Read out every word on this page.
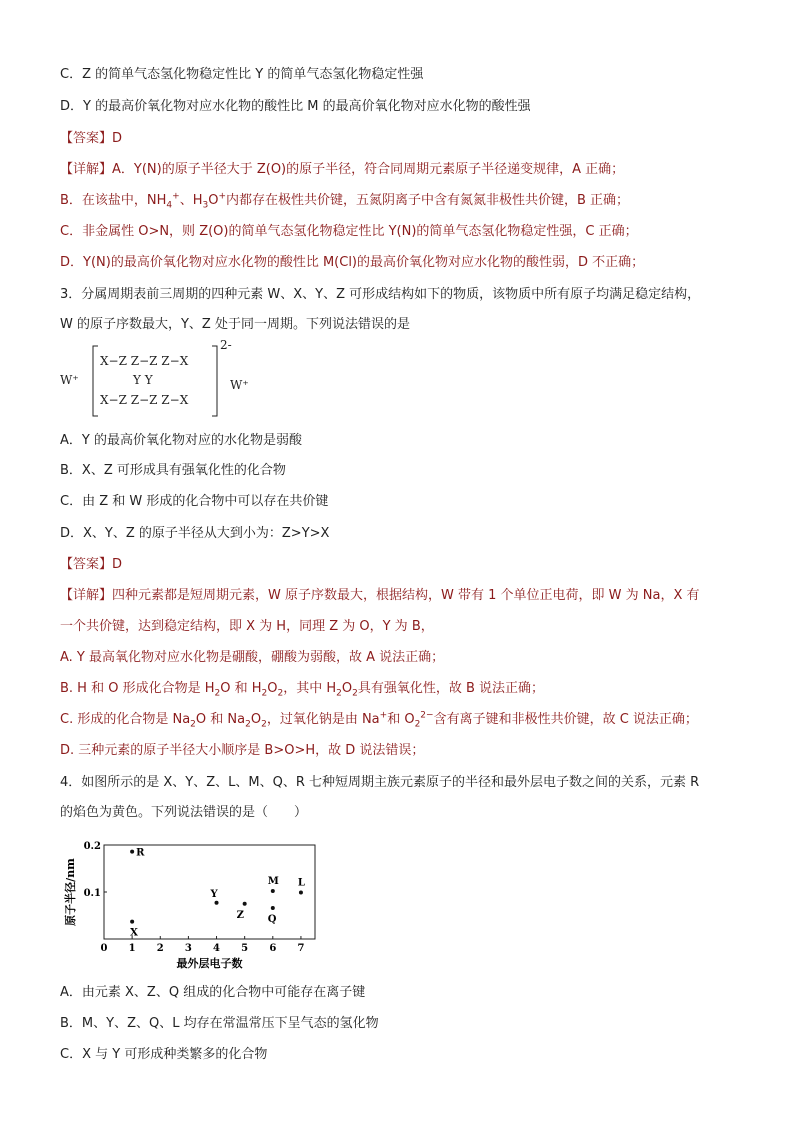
C．Z 的简单气态氢化物稳定性比 Y 的简单气态氢化物稳定性强
D．Y 的最高价氧化物对应水化物的酸性比 M 的最高价氧化物对应水化物的酸性强
【答案】D
【详解】A．Y(N)的原子半径大于 Z(O)的原子半径，符合同周期元素原子半径递变规律，A 正确；
B．在该盐中，$NH_4^+$、$H_3O^+$内都存在极性共价键，五氮阴离子中含有氮氮非极性共价键，B 正确；
C．非金属性 O>N，则 Z(O)的简单气态氢化物稳定性比 Y(N)的简单气态氢化物稳定性强，C 正确；
D．Y(N)的最高价氧化物对应水化物的酸性比 M(Cl)的最高价氧化物对应水化物的酸性弱，D 不正确；
3．分属周期表前三周期的四种元素 W、X、Y、Z 可形成结构如下的物质，该物质中所有原子均满足稳定结构，
W 的原子序数最大，Y、Z 处于同一周期。下列说法错误的是
W⁺
X−Z Z−Z Z−X
Y Y
X−Z Z−Z Z−X
2-
W⁺
A．Y 的最高价氧化物对应的水化物是弱酸
B．X、Z 可形成具有强氧化性的化合物
C．由 Z 和 W 形成的化合物中可以存在共价键
D．X、Y、Z 的原子半径从大到小为：Z>Y>X
【答案】D
【详解】四种元素都是短周期元素，W 原子序数最大，根据结构，W 带有 1 个单位正电荷，即 W 为 Na，X 有
一个共价键，达到稳定结构，即 X 为 H，同理 Z 为 O，Y 为 B，
A. Y 最高氧化物对应水化物是硼酸，硼酸为弱酸，故 A 说法正确；
B. H 和 O 形成化合物是 $H_2O$ 和 $H_2O_2$，其中 $H_2O_2$具有强氧化性，故 B 说法正确；
C. 形成的化合物是 $Na_2O$ 和 $Na_2O_2$，过氧化钠是由 Na+和 $O_2^{2-}$含有离子键和非极性共价键，故 C 说法正确；
D. 三种元素的原子半径大小顺序是 B>O>H，故 D 说法错误；
4．如图所示的是 X、Y、Z、L、M、Q、R 七种短周期主族元素原子的半径和最外层电子数之间的关系，元素 R
的焰色为黄色。下列说法错误的是（　　）
0 1 2 3 4 5 6 7
0.1
0.2
最外层电子数
原子半径/nm
R
X
Y
Z
M
Q
L
A．由元素 X、Z、Q 组成的化合物中可能存在离子键
B．M、Y、Z、Q、L 均存在常温常压下呈气态的氢化物
C．X 与 Y 可形成种类繁多的化合物
